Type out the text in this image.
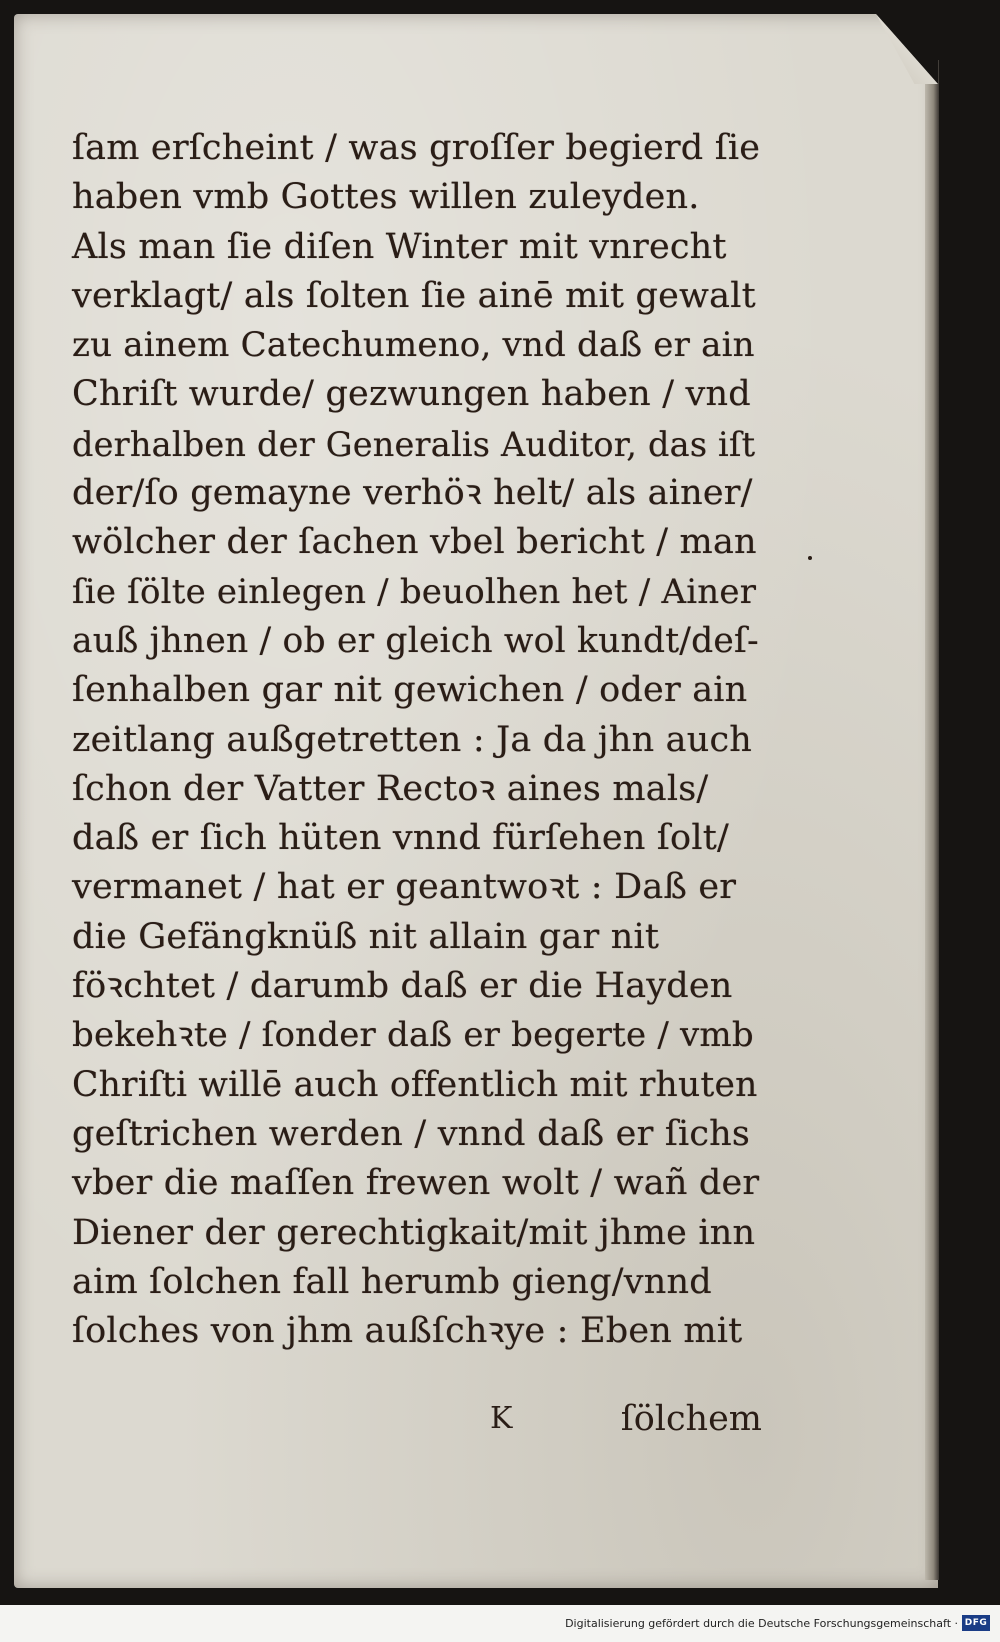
ſam erſcheint / was groſſer begierd ſie
haben vmb Gottes willen zuleyden.
Als man ſie diſen Winter mit vnrecht
verklagt/ als ſolten ſie ainē mit gewalt
zu ainem Catechumeno, vnd daß er ain
Chriſt wurde/ gezwungen haben / vnd
derhalben der Generalis Auditor, das iſt
der/ſo gemayne verhöꝛ helt/ als ainer/
wölcher der ſachen vbel bericht / man
ſie ſölte einlegen / beuolhen het / Ainer
auß jhnen / ob er gleich wol kundt/deſ-
ſenhalben gar nit gewichen / oder ain
zeitlang außgetretten : Ja da jhn auch
ſchon der Vatter Rectoꝛ aines mals/
daß er ſich hüten vnnd fürſehen ſolt/
vermanet / hat er geantwoꝛt : Daß er
die Gefängknüß nit allain gar nit
föꝛchtet / darumb daß er die Hayden
bekehꝛte / ſonder daß er begerte / vmb
Chriſti willē auch offentlich mit rhuten
geſtrichen werden / vnnd daß er ſichs
vber die maſſen frewen wolt / wañ der
Diener der gerechtigkait/mit jhme inn
aim ſolchen fall herumb gieng/vnnd
ſolches von jhm außſchꝛye : Eben mit
K	ſölchem
Digitalisierung gefördert durch die Deutsche Forschungsgemeinschaft · DFG
